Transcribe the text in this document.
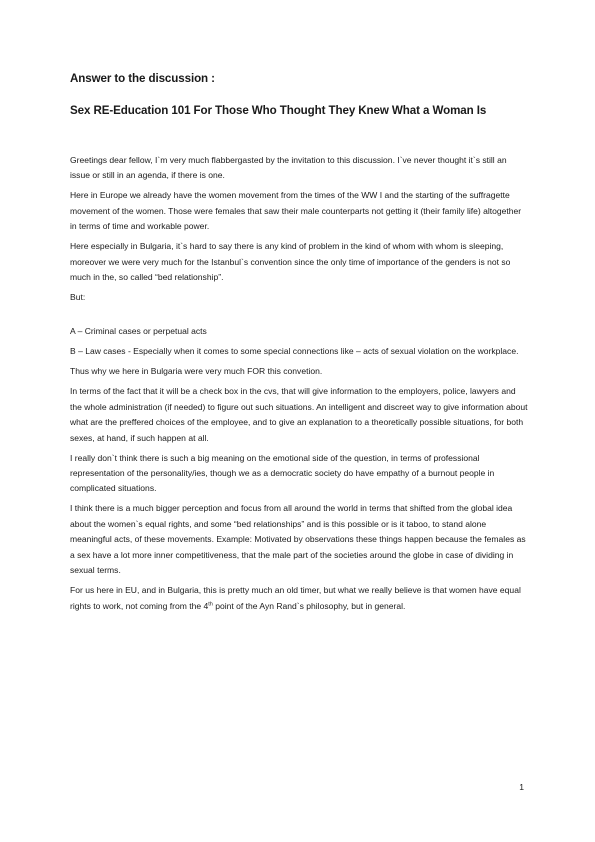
Answer to the discussion :
Sex RE-Education 101 For Those Who Thought They Knew What a Woman Is

Greetings dear fellow, I`m very much flabbergasted by the invitation to this discussion. I`ve never thought it`s still an issue or still in an agenda, if there is one.

Here in Europe we already have the women movement from the times of the WW I and the starting of the suffragette movement of the women. Those were females that saw their male counterparts not getting it (their family life) altogether in terms of time and workable power.

Here especially in Bulgaria, it`s hard to say there is any kind of problem in the kind of whom with whom is sleeping, moreover we were very much for the Istanbul`s convention since the only time of importance of the genders is not so much in the, so called “bed relationship”.

But:

A – Criminal cases or perpetual acts

B – Law cases - Especially when it comes to some special connections like – acts of sexual violation on the workplace.

Thus why we here in Bulgaria were very much FOR this convetion.

In terms of the fact that it will be a check box in the cvs, that will give information to the employers, police, lawyers and the whole administration (if needed) to figure out such situations. An intelligent and discreet way to give information about what are the preffered choices of the employee, and to give an explanation to a theoretically possible situations, for both sexes, at hand, if such happen at all.

I really don`t think there is such a big meaning on the emotional side of the question, in terms of professional representation of the personality/ies, though we as a democratic society do have empathy of a burnout people in complicated situations.

I think there is a much bigger perception and focus from all around the world in terms that shifted from the global idea about the women`s equal rights, and some “bed relationships” and is this possible or is it taboo, to stand alone meaningful acts, of these movements. Example: Motivated by observations these things happen because the females as a sex have a lot more inner competitiveness, that the male part of the societies around the globe in case of dividing in sexual terms.

For us here in EU, and in Bulgaria, this is pretty much an old timer, but what we really believe is that women have equal rights to work, not coming from the 4th point of the Ayn Rand`s philosophy, but in general.

1
